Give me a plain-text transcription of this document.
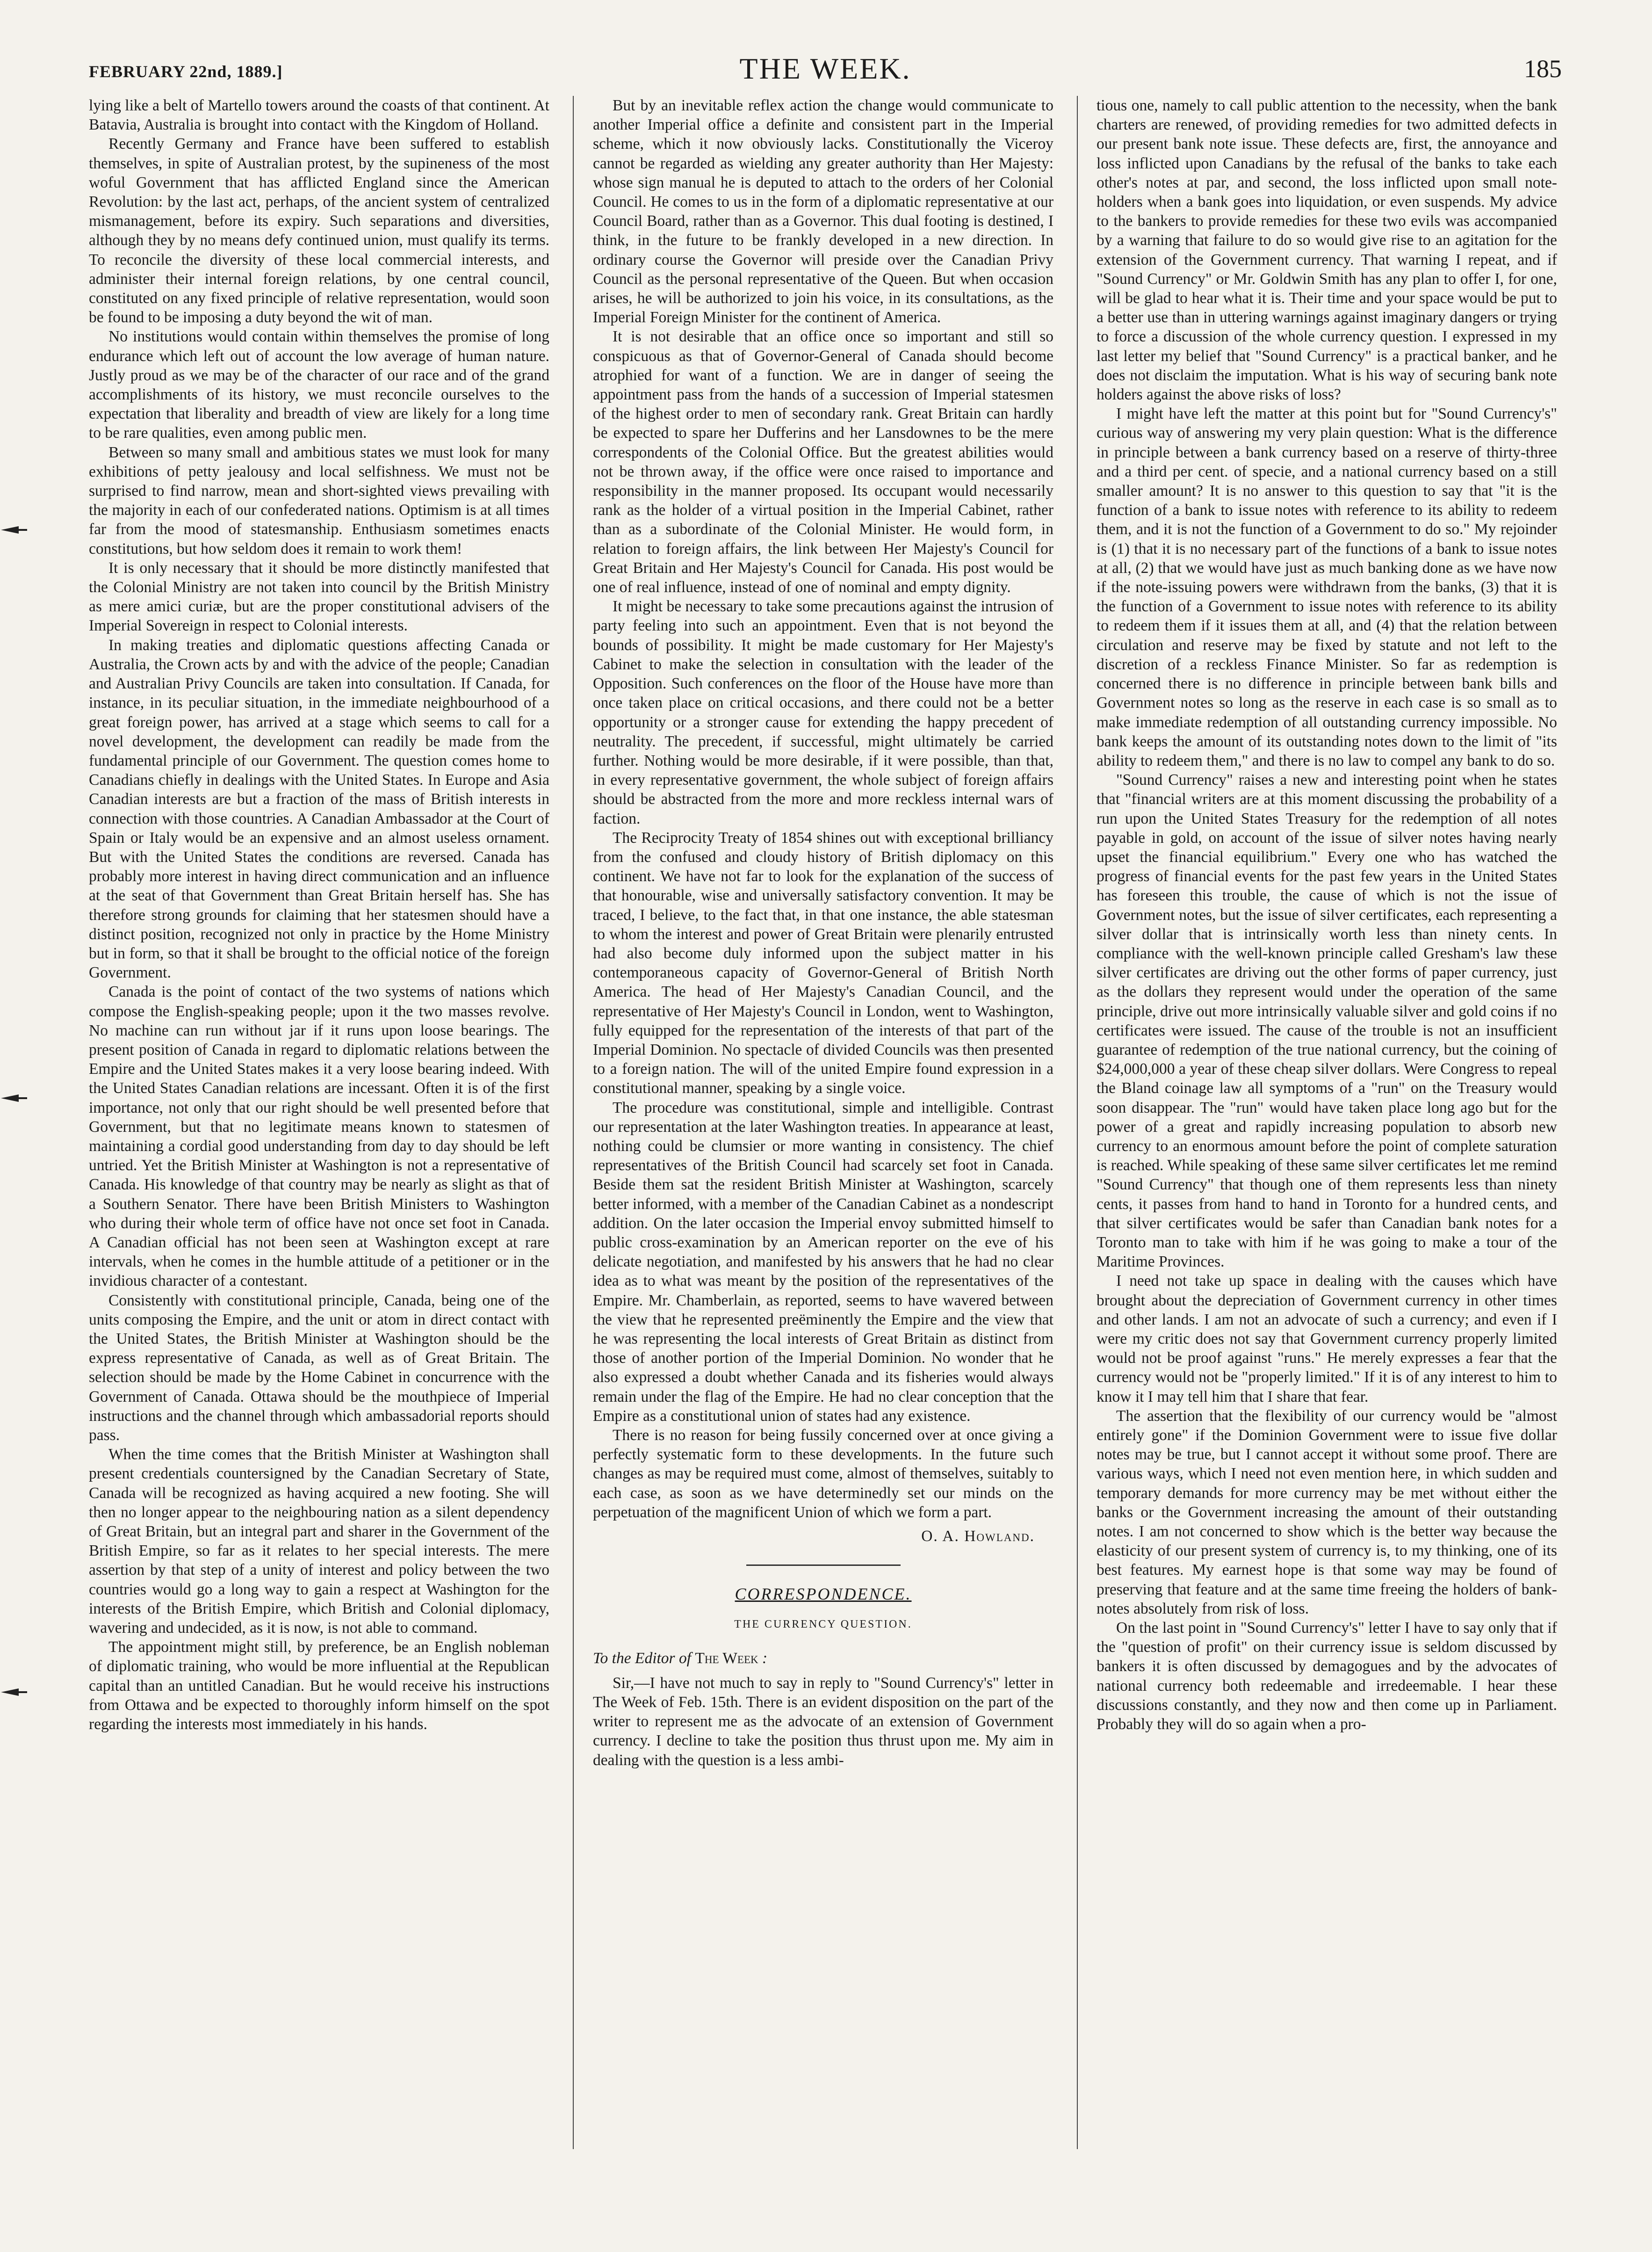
FEBRUARY 22nd, 1889.]	THE WEEK.	185

lying like a belt of Martello towers around the coasts of that continent. At Batavia, Australia is brought into contact with the Kingdom of Holland.

Recently Germany and France have been suffered to establish themselves, in spite of Australian protest, by the supineness of the most woful Government that has afflicted England since the American Revolution: by the last act, perhaps, of the ancient system of centralized mismanagement, before its expiry. Such separations and diversities, although they by no means defy continued union, must qualify its terms. To reconcile the diversity of these local commercial interests, and administer their internal foreign relations, by one central council, constituted on any fixed principle of relative representation, would soon be found to be imposing a duty beyond the wit of man.

No institutions would contain within themselves the promise of long endurance which left out of account the low average of human nature. Justly proud as we may be of the character of our race and of the grand accomplishments of its history, we must reconcile ourselves to the expectation that liberality and breadth of view are likely for a long time to be rare qualities, even among public men.

Between so many small and ambitious states we must look for many exhibitions of petty jealousy and local selfishness. We must not be surprised to find narrow, mean and short-sighted views prevailing with the majority in each of our confederated nations. Optimism is at all times far from the mood of statesmanship. Enthusiasm sometimes enacts constitutions, but how seldom does it remain to work them!

It is only necessary that it should be more distinctly manifested that the Colonial Ministry are not taken into council by the British Ministry as mere amici curiæ, but are the proper constitutional advisers of the Imperial Sovereign in respect to Colonial interests.

In making treaties and diplomatic questions affecting Canada or Australia, the Crown acts by and with the advice of the people; Canadian and Australian Privy Councils are taken into consultation. If Canada, for instance, in its peculiar situation, in the immediate neighbourhood of a great foreign power, has arrived at a stage which seems to call for a novel development, the development can readily be made from the fundamental principle of our Government. The question comes home to Canadians chiefly in dealings with the United States. In Europe and Asia Canadian interests are but a fraction of the mass of British interests in connection with those countries. A Canadian Ambassador at the Court of Spain or Italy would be an expensive and an almost useless ornament. But with the United States the conditions are reversed. Canada has probably more interest in having direct communication and an influence at the seat of that Government than Great Britain herself has. She has therefore strong grounds for claiming that her statesmen should have a distinct position, recognized not only in practice by the Home Ministry but in form, so that it shall be brought to the official notice of the foreign Government.

Canada is the point of contact of the two systems of nations which compose the English-speaking people; upon it the two masses revolve. No machine can run without jar if it runs upon loose bearings. The present position of Canada in regard to diplomatic relations between the Empire and the United States makes it a very loose bearing indeed. With the United States Canadian relations are incessant. Often it is of the first importance, not only that our right should be well presented before that Government, but that no legitimate means known to statesmen of maintaining a cordial good understanding from day to day should be left untried. Yet the British Minister at Washington is not a representative of Canada. His knowledge of that country may be nearly as slight as that of a Southern Senator. There have been British Ministers to Washington who during their whole term of office have not once set foot in Canada. A Canadian official has not been seen at Washington except at rare intervals, when he comes in the humble attitude of a petitioner or in the invidious character of a contestant.

Consistently with constitutional principle, Canada, being one of the units composing the Empire, and the unit or atom in direct contact with the United States, the British Minister at Washington should be the express representative of Canada, as well as of Great Britain. The selection should be made by the Home Cabinet in concurrence with the Government of Canada. Ottawa should be the mouthpiece of Imperial instructions and the channel through which ambassadorial reports should pass.

When the time comes that the British Minister at Washington shall present credentials countersigned by the Canadian Secretary of State, Canada will be recognized as having acquired a new footing. She will then no longer appear to the neighbouring nation as a silent dependency of Great Britain, but an integral part and sharer in the Government of the British Empire, so far as it relates to her special interests. The mere assertion by that step of a unity of interest and policy between the two countries would go a long way to gain a respect at Washington for the interests of the British Empire, which British and Colonial diplomacy, wavering and undecided, as it is now, is not able to command.

The appointment might still, by preference, be an English nobleman of diplomatic training, who would be more influential at the Republican capital than an untitled Canadian. But he would receive his instructions from Ottawa and be expected to thoroughly inform himself on the spot regarding the interests most immediately in his hands.

But by an inevitable reflex action the change would communicate to another Imperial office a definite and consistent part in the Imperial scheme, which it now obviously lacks. Constitutionally the Viceroy cannot be regarded as wielding any greater authority than Her Majesty: whose sign manual he is deputed to attach to the orders of her Colonial Council. He comes to us in the form of a diplomatic representative at our Council Board, rather than as a Governor. This dual footing is destined, I think, in the future to be frankly developed in a new direction. In ordinary course the Governor will preside over the Canadian Privy Council as the personal representative of the Queen. But when occasion arises, he will be authorized to join his voice, in its consultations, as the Imperial Foreign Minister for the continent of America.

It is not desirable that an office once so important and still so conspicuous as that of Governor-General of Canada should become atrophied for want of a function. We are in danger of seeing the appointment pass from the hands of a succession of Imperial statesmen of the highest order to men of secondary rank. Great Britain can hardly be expected to spare her Dufferins and her Lansdownes to be the mere correspondents of the Colonial Office. But the greatest abilities would not be thrown away, if the office were once raised to importance and responsibility in the manner proposed. Its occupant would necessarily rank as the holder of a virtual position in the Imperial Cabinet, rather than as a subordinate of the Colonial Minister. He would form, in relation to foreign affairs, the link between Her Majesty's Council for Great Britain and Her Majesty's Council for Canada. His post would be one of real influence, instead of one of nominal and empty dignity.

It might be necessary to take some precautions against the intrusion of party feeling into such an appointment. Even that is not beyond the bounds of possibility. It might be made customary for Her Majesty's Cabinet to make the selection in consultation with the leader of the Opposition. Such conferences on the floor of the House have more than once taken place on critical occasions, and there could not be a better opportunity or a stronger cause for extending the happy precedent of neutrality. The precedent, if successful, might ultimately be carried further. Nothing would be more desirable, if it were possible, than that, in every representative government, the whole subject of foreign affairs should be abstracted from the more and more reckless internal wars of faction.

The Reciprocity Treaty of 1854 shines out with exceptional brilliancy from the confused and cloudy history of British diplomacy on this continent. We have not far to look for the explanation of the success of that honourable, wise and universally satisfactory convention. It may be traced, I believe, to the fact that, in that one instance, the able statesman to whom the interest and power of Great Britain were plenarily entrusted had also become duly informed upon the subject matter in his contemporaneous capacity of Governor-General of British North America. The head of Her Majesty's Canadian Council, and the representative of Her Majesty's Council in London, went to Washington, fully equipped for the representation of the interests of that part of the Imperial Dominion. No spectacle of divided Councils was then presented to a foreign nation. The will of the united Empire found expression in a constitutional manner, speaking by a single voice.

The procedure was constitutional, simple and intelligible. Contrast our representation at the later Washington treaties. In appearance at least, nothing could be clumsier or more wanting in consistency. The chief representatives of the British Council had scarcely set foot in Canada. Beside them sat the resident British Minister at Washington, scarcely better informed, with a member of the Canadian Cabinet as a nondescript addition. On the later occasion the Imperial envoy submitted himself to public cross-examination by an American reporter on the eve of his delicate negotiation, and manifested by his answers that he had no clear idea as to what was meant by the position of the representatives of the Empire. Mr. Chamberlain, as reported, seems to have wavered between the view that he represented preëminently the Empire and the view that he was representing the local interests of Great Britain as distinct from those of another portion of the Imperial Dominion. No wonder that he also expressed a doubt whether Canada and its fisheries would always remain under the flag of the Empire. He had no clear conception that the Empire as a constitutional union of states had any existence.

There is no reason for being fussily concerned over at once giving a perfectly systematic form to these developments. In the future such changes as may be required must come, almost of themselves, suitably to each case, as soon as we have determinedly set our minds on the perpetuation of the magnificent Union of which we form a part.

O. A. Howland.
CORRESPONDENCE.
THE CURRENCY QUESTION.
To the Editor of The Week :

Sir,—I have not much to say in reply to "Sound Currency's" letter in The Week of Feb. 15th. There is an evident disposition on the part of the writer to represent me as the advocate of an extension of Government currency. I decline to take the position thus thrust upon me. My aim in dealing with the question is a less ambi-

tious one, namely to call public attention to the necessity, when the bank charters are renewed, of providing remedies for two admitted defects in our present bank note issue. These defects are, first, the annoyance and loss inflicted upon Canadians by the refusal of the banks to take each other's notes at par, and second, the loss inflicted upon small note-holders when a bank goes into liquidation, or even suspends. My advice to the bankers to provide remedies for these two evils was accompanied by a warning that failure to do so would give rise to an agitation for the extension of the Government currency. That warning I repeat, and if "Sound Currency" or Mr. Goldwin Smith has any plan to offer I, for one, will be glad to hear what it is. Their time and your space would be put to a better use than in uttering warnings against imaginary dangers or trying to force a discussion of the whole currency question. I expressed in my last letter my belief that "Sound Currency" is a practical banker, and he does not disclaim the imputation. What is his way of securing bank note holders against the above risks of loss?

I might have left the matter at this point but for "Sound Currency's" curious way of answering my very plain question: What is the difference in principle between a bank currency based on a reserve of thirty-three and a third per cent. of specie, and a national currency based on a still smaller amount? It is no answer to this question to say that "it is the function of a bank to issue notes with reference to its ability to redeem them, and it is not the function of a Government to do so." My rejoinder is (1) that it is no necessary part of the functions of a bank to issue notes at all, (2) that we would have just as much banking done as we have now if the note-issuing powers were withdrawn from the banks, (3) that it is the function of a Government to issue notes with reference to its ability to redeem them if it issues them at all, and (4) that the relation between circulation and reserve may be fixed by statute and not left to the discretion of a reckless Finance Minister. So far as redemption is concerned there is no difference in principle between bank bills and Government notes so long as the reserve in each case is so small as to make immediate redemption of all outstanding currency impossible. No bank keeps the amount of its outstanding notes down to the limit of "its ability to redeem them," and there is no law to compel any bank to do so.

"Sound Currency" raises a new and interesting point when he states that "financial writers are at this moment discussing the probability of a run upon the United States Treasury for the redemption of all notes payable in gold, on account of the issue of silver notes having nearly upset the financial equilibrium." Every one who has watched the progress of financial events for the past few years in the United States has foreseen this trouble, the cause of which is not the issue of Government notes, but the issue of silver certificates, each representing a silver dollar that is intrinsically worth less than ninety cents. In compliance with the well-known principle called Gresham's law these silver certificates are driving out the other forms of paper currency, just as the dollars they represent would under the operation of the same principle, drive out more intrinsically valuable silver and gold coins if no certificates were issued. The cause of the trouble is not an insufficient guarantee of redemption of the true national currency, but the coining of $24,000,000 a year of these cheap silver dollars. Were Congress to repeal the Bland coinage law all symptoms of a "run" on the Treasury would soon disappear. The "run" would have taken place long ago but for the power of a great and rapidly increasing population to absorb new currency to an enormous amount before the point of complete saturation is reached. While speaking of these same silver certificates let me remind "Sound Currency" that though one of them represents less than ninety cents, it passes from hand to hand in Toronto for a hundred cents, and that silver certificates would be safer than Canadian bank notes for a Toronto man to take with him if he was going to make a tour of the Maritime Provinces.

I need not take up space in dealing with the causes which have brought about the depreciation of Government currency in other times and other lands. I am not an advocate of such a currency; and even if I were my critic does not say that Government currency properly limited would not be proof against "runs." He merely expresses a fear that the currency would not be "properly limited." If it is of any interest to him to know it I may tell him that I share that fear.

The assertion that the flexibility of our currency would be "almost entirely gone" if the Dominion Government were to issue five dollar notes may be true, but I cannot accept it without some proof. There are various ways, which I need not even mention here, in which sudden and temporary demands for more currency may be met without either the banks or the Government increasing the amount of their outstanding notes. I am not concerned to show which is the better way because the elasticity of our present system of currency is, to my thinking, one of its best features. My earnest hope is that some way may be found of preserving that feature and at the same time freeing the holders of bank-notes absolutely from risk of loss.

On the last point in "Sound Currency's" letter I have to say only that if the "question of profit" on their currency issue is seldom discussed by bankers it is often discussed by demagogues and by the advocates of national currency both redeemable and irredeemable. I hear these discussions constantly, and they now and then come up in Parliament. Probably they will do so again when a pro-
